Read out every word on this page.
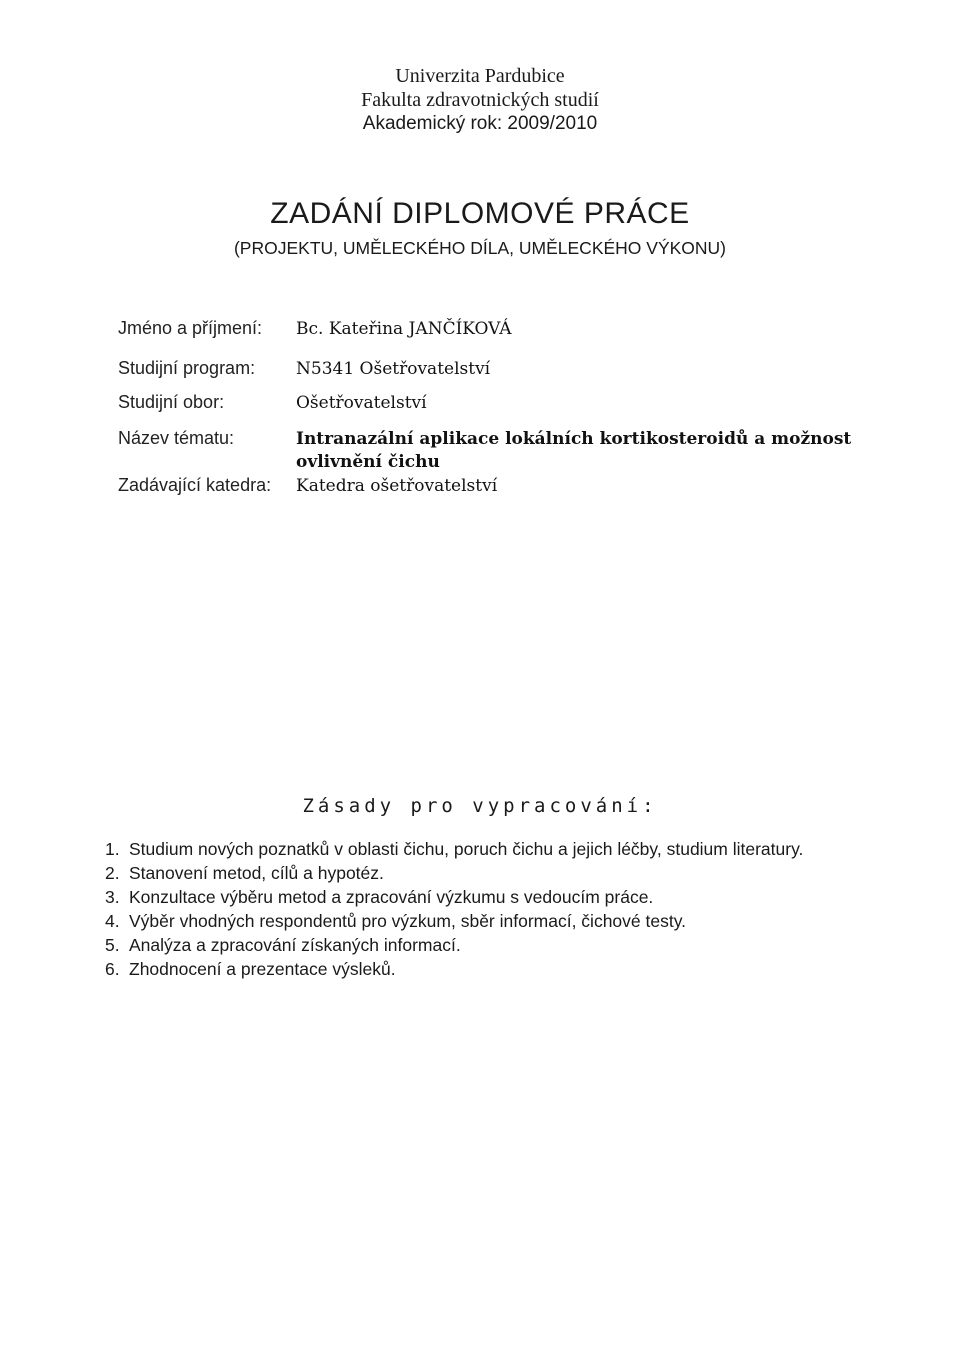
Univerzita Pardubice
Fakulta zdravotnických studií
Akademický rok: 2009/2010
ZADÁNÍ DIPLOMOVÉ PRÁCE
(PROJEKTU, UMĚLECKÉHO DÍLA, UMĚLECKÉHO VÝKONU)
Jméno a příjmení: Bc. Kateřina JANČÍKOVÁ
Studijní program: N5341 Ošetřovatelství
Studijní obor:	Ošetřovatelství
Název tématu:	Intranazální aplikace lokálních kortikosteroidů a možnost ovlivnění čichu
Zadávající katedra: Katedra ošetřovatelství
Zásady pro vypracování:
1. Studium nových poznatků v oblasti čichu, poruch čichu a jejich léčby, studium literatury.
2. Stanovení metod, cílů a hypotéz.
3. Konzultace výběru metod a zpracování výzkumu s vedoucím práce.
4. Výběr vhodných respondentů pro výzkum, sběr informací, čichové testy.
5. Analýza a zpracování získaných informací.
6. Zhodnocení a prezentace výsleků.
